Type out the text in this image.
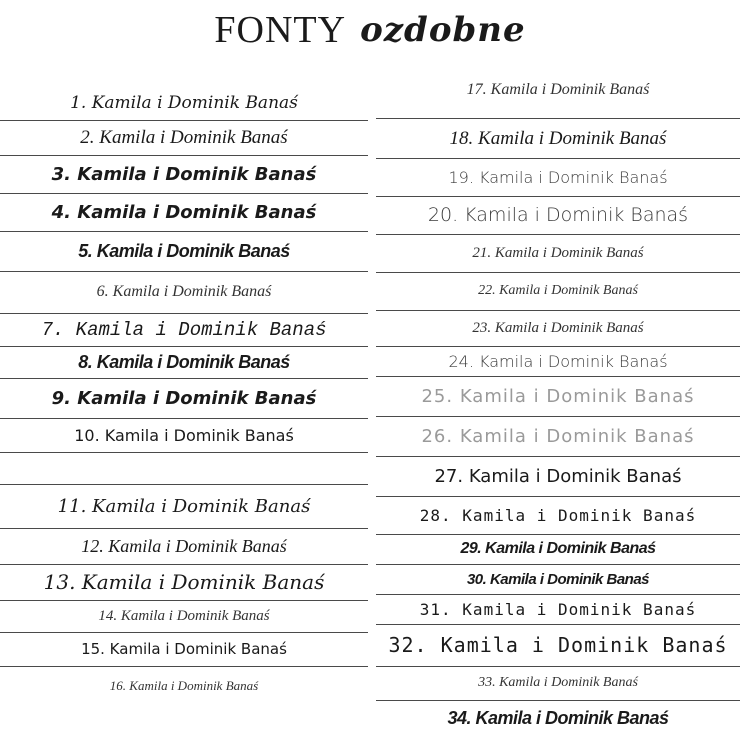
FONTY ozdobne
1. Kamila i Dominik Banaś
2. Kamila i Dominik Banaś
3. Kamila i Dominik Banaś
4. Kamila i Dominik Banaś
5. Kamila i Dominik Banaś
6. Kamila i Dominik Banaś
7. Kamila i Dominik Banaś
8. Kamila i Dominik Banaś
9. Kamila i Dominik Banaś
10. Kamila i Dominik Banaś
11. Kamila i Dominik Banaś
12. Kamila i Dominik Banaś
13. Kamila i Dominik Banaś
14. Kamila i Dominik Banaś
15. Kamila i Dominik Banaś
16. Kamila i Dominik Banaś
17. Kamila i Dominik Banaś
18. Kamila i Dominik Banaś
19. Kamila i Dominik Banaś
20. Kamila i Dominik Banaś
21. Kamila i Dominik Banaś
22. Kamila i Dominik Banaś
23. Kamila i Dominik Banaś
24. Kamila i Dominik Banaś
25. Kamila i Dominik Banaś
26. Kamila i Dominik Banaś
27. Kamila i Dominik Banaś
28. Kamila i Dominik Banaś
29. Kamila i Dominik Banaś
30. Kamila i Dominik Banaś
31. Kamila i Dominik Banaś
32. Kamila i Dominik Banaś
33. Kamila i Dominik Banaś
34. Kamila i Dominik Banaś
